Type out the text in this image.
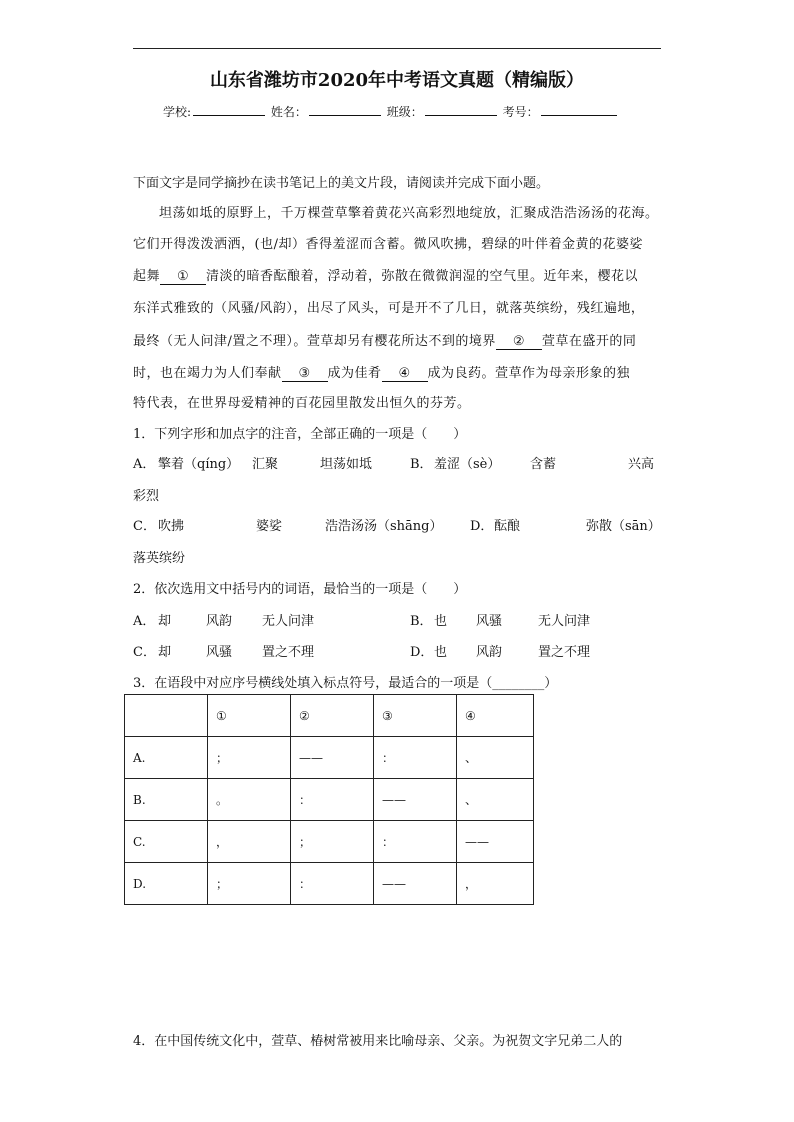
山东省潍坊市2020年中考语文真题（精编版）
学校:	姓名：	班级：	考号：
下面文字是同学摘抄在读书笔记上的美文片段，请阅读并完成下面小题。
坦荡如坻的原野上，千万棵萱草擎着黄花兴高彩烈地绽放，汇聚成浩浩汤汤的花海。
它们开得泼泼洒洒，(也/却）香得羞涩而含蓄。微风吹拂，碧绿的叶伴着金黄的花婆娑
起舞 ① 清淡的暗香酝酿着，浮动着，弥散在微微润湿的空气里。近年来，樱花以
东洋式雅致的（风骚/风韵），出尽了风头，可是开不了几日，就落英缤纷，残红遍地，
最终（无人问津/置之不理）。萱草却另有樱花所达不到的境界 ② 萱草在盛开的同
时，也在竭力为人们奉献 ③ 成为佳肴 ④ 成为良药。萱草作为母亲形象的独
特代表，在世界母爱精神的百花园里散发出恒久的芬芳。
1．下列字形和加点字的注音，全部正确的一项是（　　）
A． 擎着（qíng） 汇聚	坦荡如坻	B． 羞涩（sè） 含蓄	兴高
彩烈
C． 吹拂	婆娑	浩浩汤汤（shāng） D． 酝酿	弥散（sān）
落英缤纷
2．依次选用文中括号内的词语，最恰当的一项是（　　）
A． 却	风韵 无人问津	B． 也 风骚	无人问津
C． 却	风骚 置之不理	D． 也 风韵	置之不理
3．在语段中对应序号横线处填入标点符号，最适合的一项是（________）
	①	②	③	④
A.	；	——	：	、
B.	。	：	——	、
C.	，	；	：	——
D.	；	：	——	，
4．在中国传统文化中，萱草、椿树常被用来比喻母亲、父亲。为祝贺文字兄弟二人的
